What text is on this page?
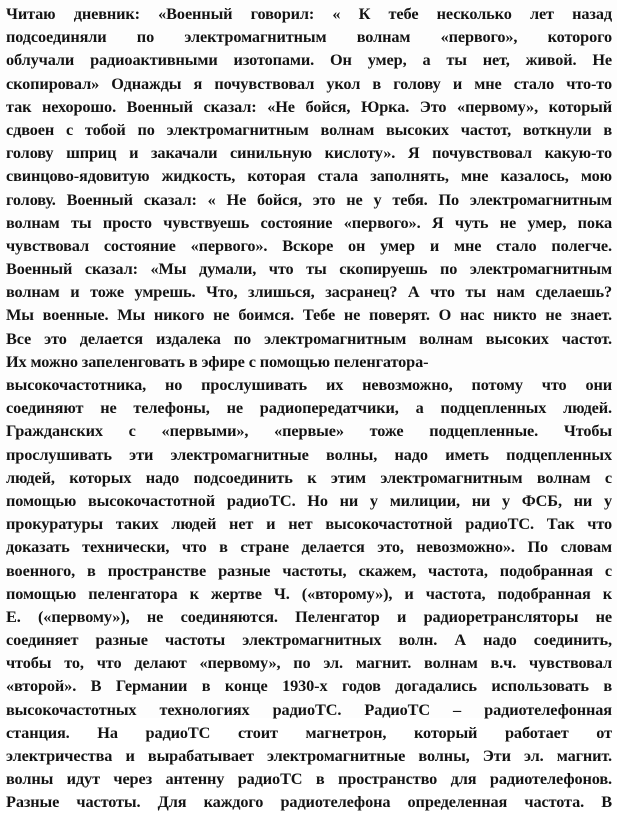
Читаю дневник: «Военный говорил: « К тебе несколько лет назад
подсоединяли по электромагнитным волнам «первого», которого
облучали радиоактивными изотопами. Он умер, а ты нет, живой. Не
скопировал» Однажды я почувствовал укол в голову и мне стало что-то
так нехорошо. Военный сказал: «Не бойся, Юрка. Это «первому», который
сдвоен с тобой по электромагнитным волнам высоких частот, воткнули в
голову шприц и закачали синильную кислоту». Я почувствовал какую-то
свинцово-ядовитую жидкость, которая стала заполнять, мне казалось, мою
голову. Военный сказал: « Не бойся, это не у тебя. По электромагнитным
волнам ты просто чувствуешь состояние «первого». Я чуть не умер, пока
чувствовал состояние «первого». Вскоре он умер и мне стало полегче.
Военный сказал: «Мы думали, что ты скопируешь по электромагнитным
волнам и тоже умрешь. Что, злишься, засранец? А что ты нам сделаешь?
Мы военные. Мы никого не боимся. Тебе не поверят. О нас никто не знает.
Все это делается издалека по электромагнитным волнам высоких частот.
Их можно запеленговать в эфире с помощью пеленгатора-
высокочастотника, но прослушивать их невозможно, потому что они
соединяют не телефоны, не радиопередатчики, а подцепленных людей.
Гражданских с «первыми», «первые» тоже подцепленные. Чтобы
прослушивать эти электромагнитные волны, надо иметь подцепленных
людей, которых надо подсоединить к этим электромагнитным волнам с
помощью высокочастотной радиоТС. Но ни у милиции, ни у ФСБ, ни у
прокуратуры таких людей нет и нет высокочастотной радиоТС. Так что
доказать технически, что в стране делается это, невозможно». По словам
военного, в пространстве разные частоты, скажем, частота, подобранная с
помощью пеленгатора к жертве Ч. («второму»), и частота, подобранная к
Е. («первому»), не соединяются. Пеленгатор и радиоретрансляторы не
соединяет разные частоты электромагнитных волн. А надо соединить,
чтобы то, что делают «первому», по эл. магнит. волнам в.ч. чувствовал
«второй». В Германии в конце 1930-х годов догадались использовать в
высокочастотных технологиях радиоТС. РадиоТС – радиотелефонная
станция. На радиоТС стоит магнетрон, который работает от
электричества и вырабатывает электромагнитные волны, Эти эл. магнит.
волны идут через антенну радиоТС в пространство для радиотелефонов.
Разные частоты. Для каждого радиотелефона определенная частота. В
